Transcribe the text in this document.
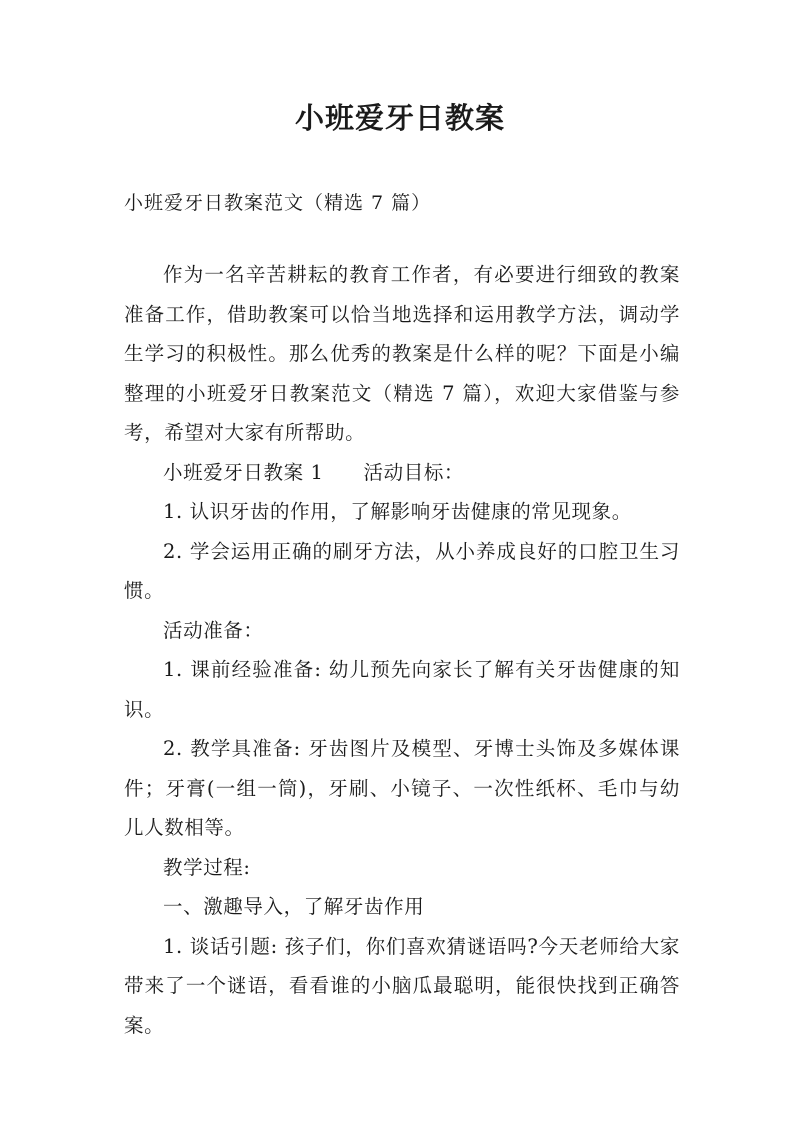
小班爱牙日教案
小班爱牙日教案范文（精选 7 篇）

作为一名辛苦耕耘的教育工作者，有必要进行细致的教案准备工作，借助教案可以恰当地选择和运用教学方法，调动学生学习的积极性。那么优秀的教案是什么样的呢？下面是小编整理的小班爱牙日教案范文（精选 7 篇），欢迎大家借鉴与参考，希望对大家有所帮助。

小班爱牙日教案 1 活动目标：

1. 认识牙齿的作用，了解影响牙齿健康的常见现象。

2. 学会运用正确的刷牙方法，从小养成良好的口腔卫生习惯。

活动准备：

1. 课前经验准备: 幼儿预先向家长了解有关牙齿健康的知识。

2. 教学具准备: 牙齿图片及模型、牙博士头饰及多媒体课件；牙膏(一组一筒)，牙刷、小镜子、一次性纸杯、毛巾与幼儿人数相等。

教学过程:

一、激趣导入，了解牙齿作用

1. 谈话引题: 孩子们，你们喜欢猜谜语吗?今天老师给大家带来了一个谜语，看看谁的小脑瓜最聪明，能很快找到正确答案。
